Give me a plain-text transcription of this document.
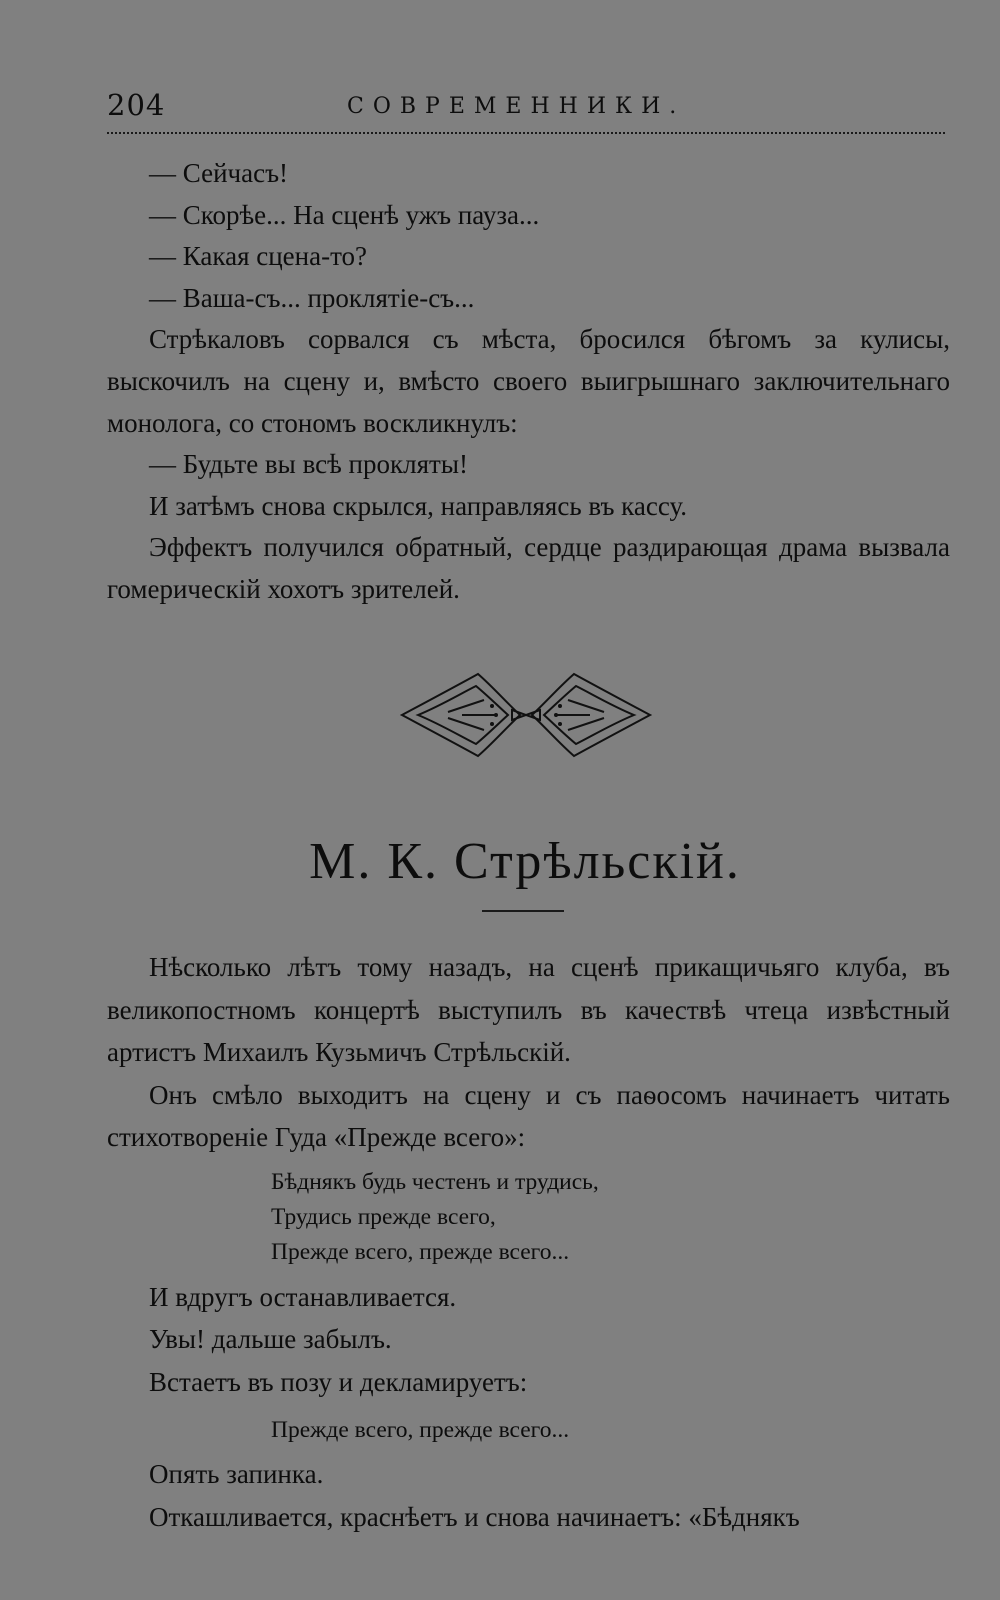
204	СОВРЕМЕННИКИ.

— Сейчасъ!

— Скорѣе... На сценѣ ужъ пауза...

— Какая сцена-то?

— Ваша-съ... проклятіе-съ...

Стрѣкаловъ сорвался съ мѣста, бросился бѣгомъ за кулисы, выскочилъ на сцену и, вмѣсто своего выигрышнаго заключительнаго монолога, со стономъ воскликнулъ:

— Будьте вы всѣ прокляты!

И затѣмъ снова скрылся, направляясь въ кассу.

Эффектъ получился обратный, сердце раздирающая драма вызвала гомерическій хохотъ зрителей.

М. К. Стрѣльскій.

Нѣсколько лѣтъ тому назадъ, на сценѣ прикащичьяго клуба, въ великопостномъ концертѣ выступилъ въ качествѣ чтеца извѣстный артистъ Михаилъ Кузьмичъ Стрѣльскій.

Онъ смѣло выходитъ на сцену и съ паѳосомъ начинаетъ читать стихотвореніе Гуда «Прежде всего»:

Бѣднякъ будь честенъ и трудись,
Трудись прежде всего,
Прежде всего, прежде всего...

И вдругъ останавливается.

Увы! дальше забылъ.

Встаетъ въ позу и декламируетъ:

Прежде всего, прежде всего...

Опять запинка.

Откашливается, краснѣетъ и снова начинаетъ: «Бѣднякъ
